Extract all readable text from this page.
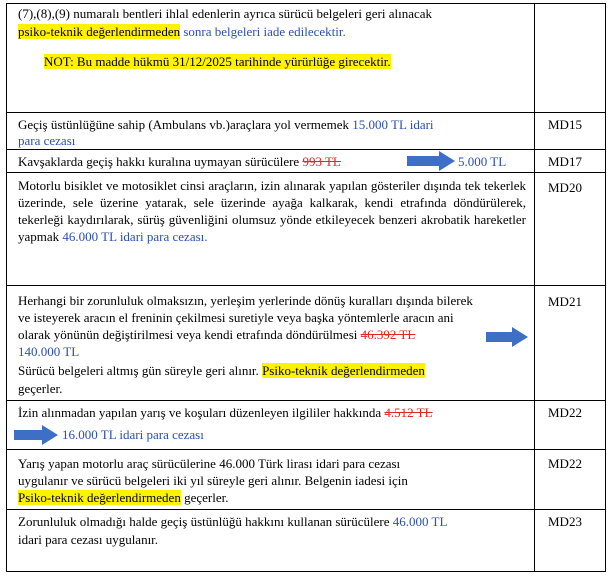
(7),(8),(9) numaralı bentleri ihlal edenlerin ayrıca sürücü belgeleri geri alınacak
psiko-teknik değerlendirmeden sonra belgeleri iade edilecektir.
NOT: Bu madde hükmü 31/12/2025 tarihinde yürürlüğe girecektir.
Geçiş üstünlüğüne sahip (Ambulans vb.)araçlara yol vermemek 15.000 TL idari
para cezası
MD15
Kavşaklarda geçiş hakkı kuralına uymayan sürücülere 993 TL	5.000 TL	MD17
Motorlu bisiklet ve motosiklet cinsi araçların, izin alınarak yapılan gösteriler dışında tek tekerlek üzerinde, sele üzerine yatarak, sele üzerinde ayağa kalkarak, kendi etrafında döndürülerek, tekerleği kaydırılarak, sürüş güvenliğini olumsuz yönde etkileyecek benzeri akrobatik hareketler yapmak 46.000 TL idari para cezası.
MD20
Herhangi bir zorunluluk olmaksızın, yerleşim yerlerinde dönüş kuralları dışında bilerek
ve isteyerek aracın el freninin çekilmesi suretiyle veya başka yöntemlerle aracın ani
olarak yönünün değiştirilmesi veya kendi etrafında döndürülmesi 46.392 TL
140.000 TL
Sürücü belgeleri altmış gün süreyle geri alınır. Psiko-teknik değerlendirmeden
geçerler.
MD21
İzin alınmadan yapılan yarış ve koşuları düzenleyen ilgililer hakkında 4.512 TL
16.000 TL idari para cezası
MD22
Yarış yapan motorlu araç sürücülerine 46.000 Türk lirası idari para cezası
uygulanır ve sürücü belgeleri iki yıl süreyle geri alınır. Belgenin iadesi için
Psiko-teknik değerlendirmeden geçerler.
MD22
Zorunluluk olmadığı halde geçiş üstünlüğü hakkını kullanan sürücülere 46.000 TL
idari para cezası uygulanır.
MD23
